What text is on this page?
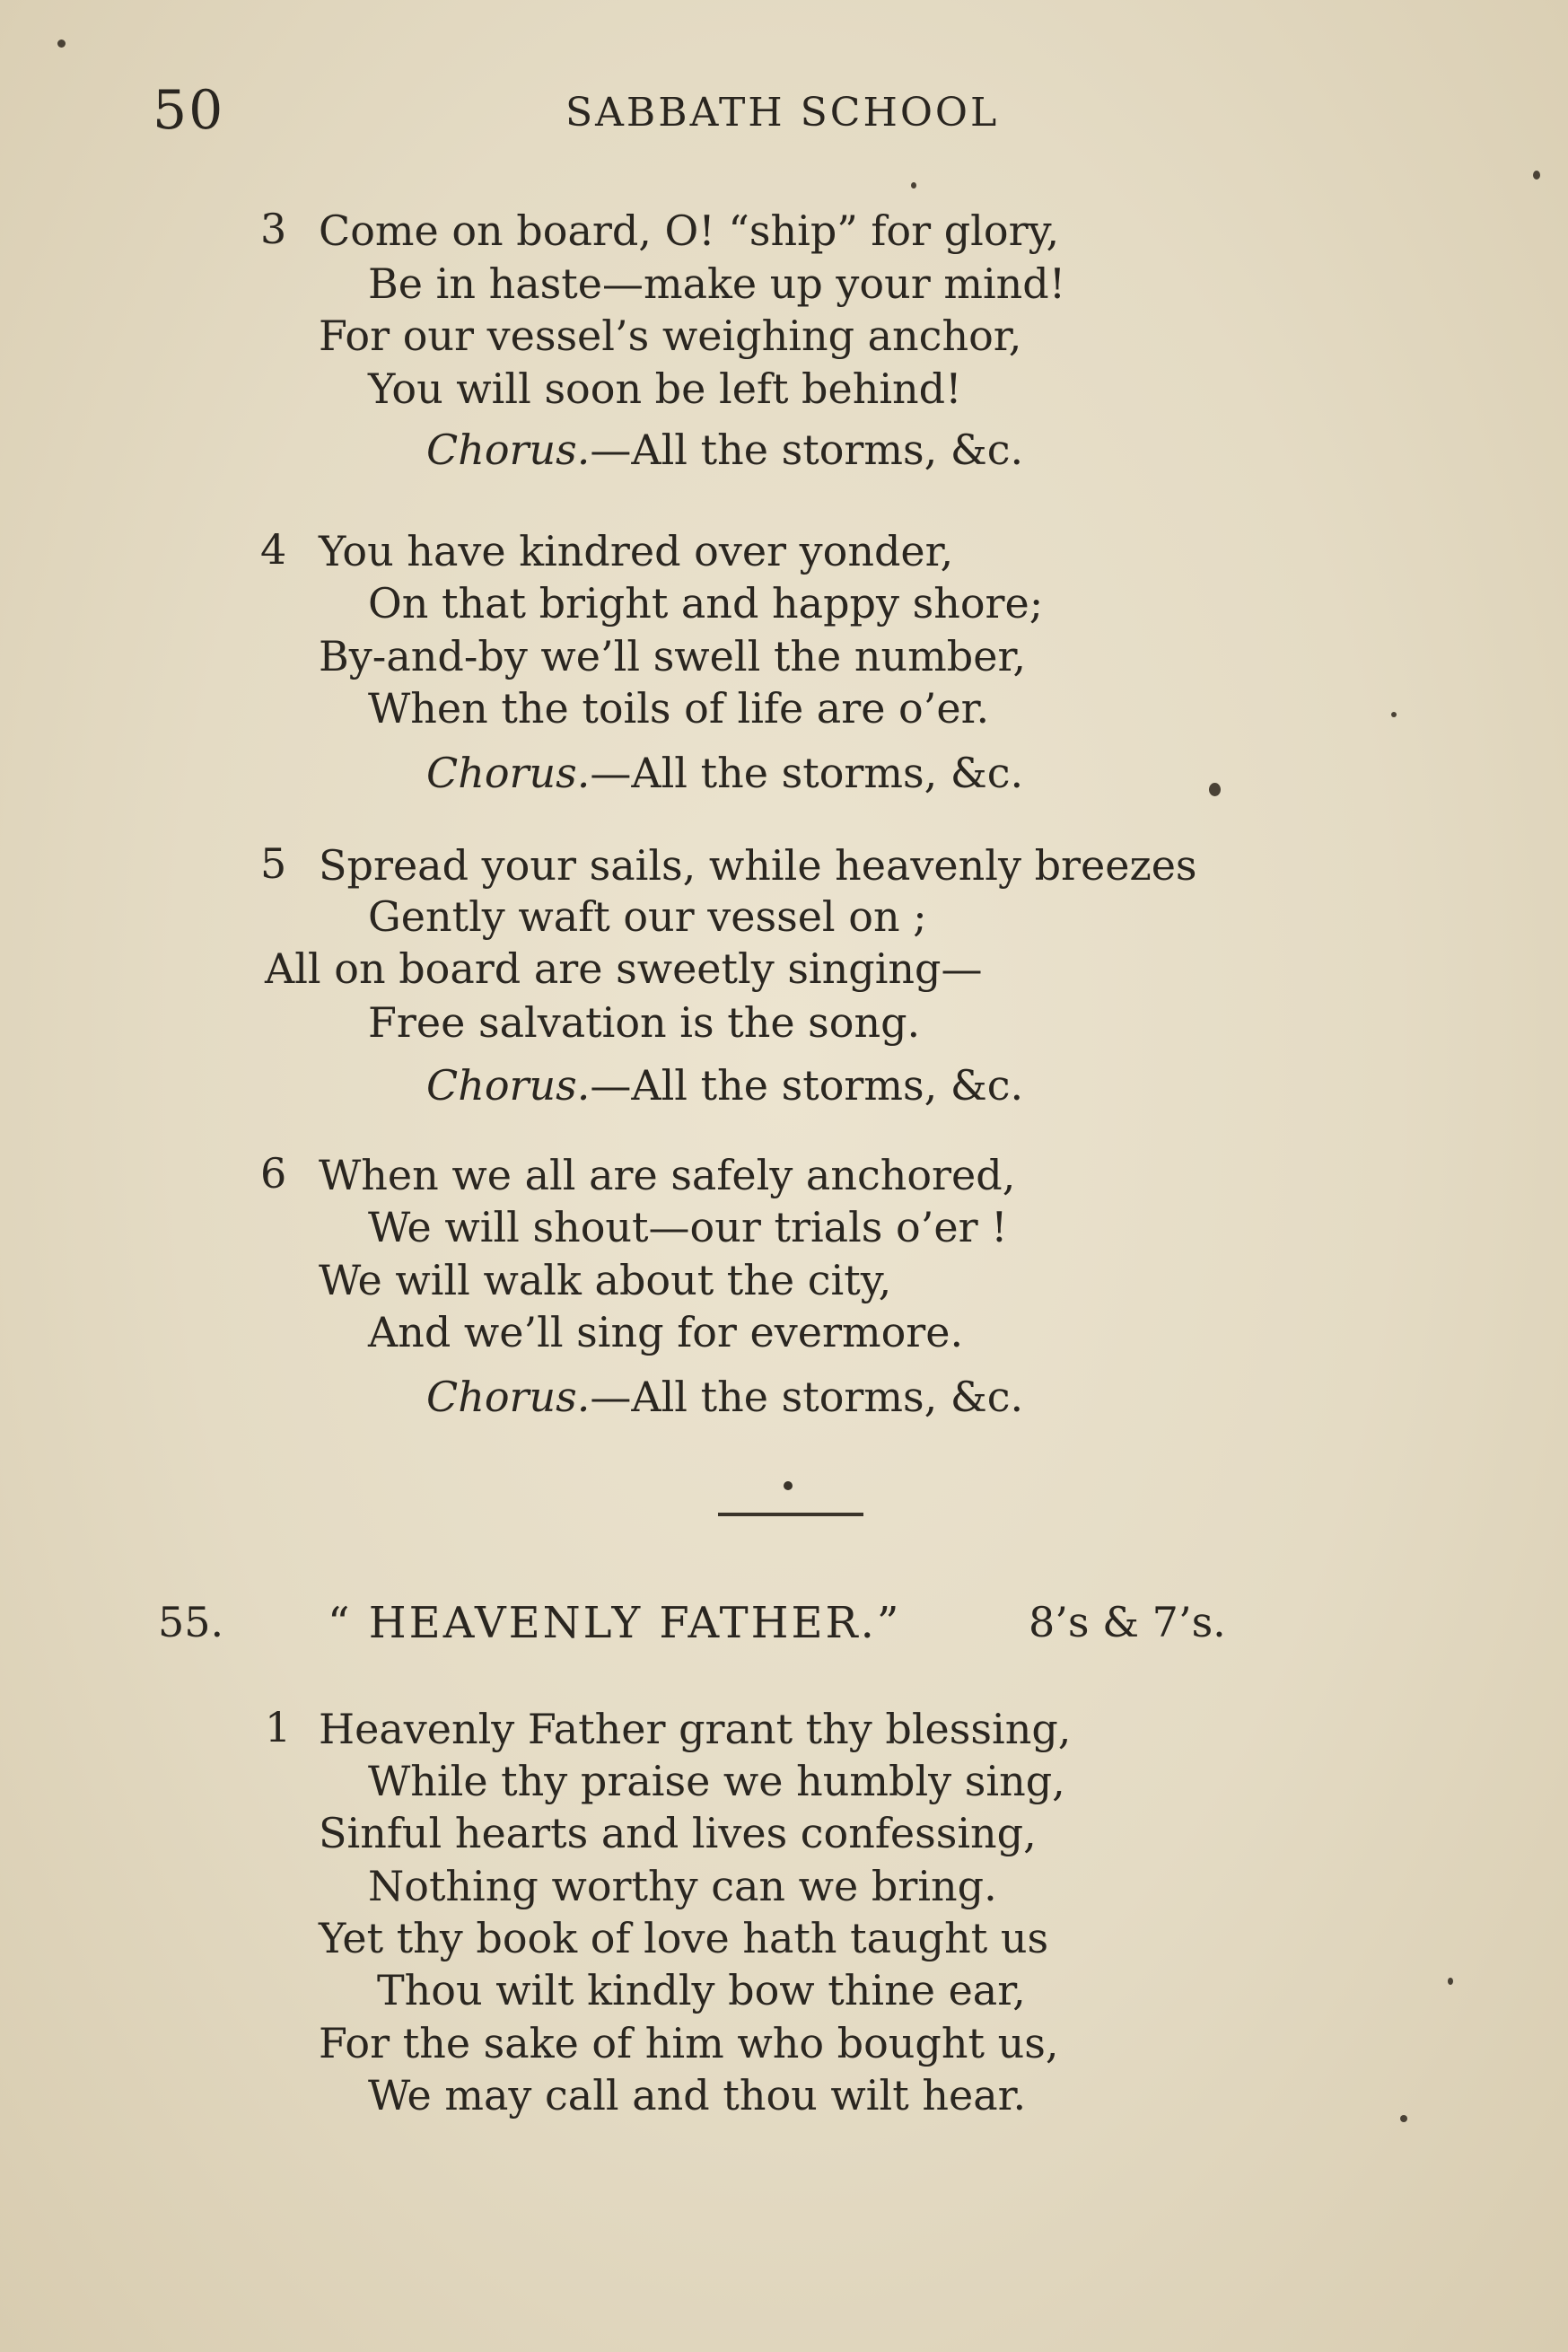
50	SABBATH SCHOOL
3 Come on board, O! “ship” for glory,
Be in haste—make up your mind!
For our vessel’s weighing anchor,
You will soon be left behind!
Chorus.—All the storms, &c.
4 You have kindred over yonder,
On that bright and happy shore;
By-and-by we’ll swell the number,
When the toils of life are o’er.
Chorus.—All the storms, &c.
5 Spread your sails, while heavenly breezes
Gently waft our vessel on ;
All on board are sweetly singing—
Free salvation is the song.
Chorus.—All the storms, &c.
6 When we all are safely anchored,
We will shout—our trials o’er !
We will walk about the city,
And we’ll sing for evermore.
Chorus.—All the storms, &c.
55. “ HEAVENLY FATHER.”	8’s & 7’s.
1 Heavenly Father grant thy blessing,
While thy praise we humbly sing,
Sinful hearts and lives confessing,
Nothing worthy can we bring.
Yet thy book of love hath taught us
Thou wilt kindly bow thine ear,
For the sake of him who bought us,
We may call and thou wilt hear.
